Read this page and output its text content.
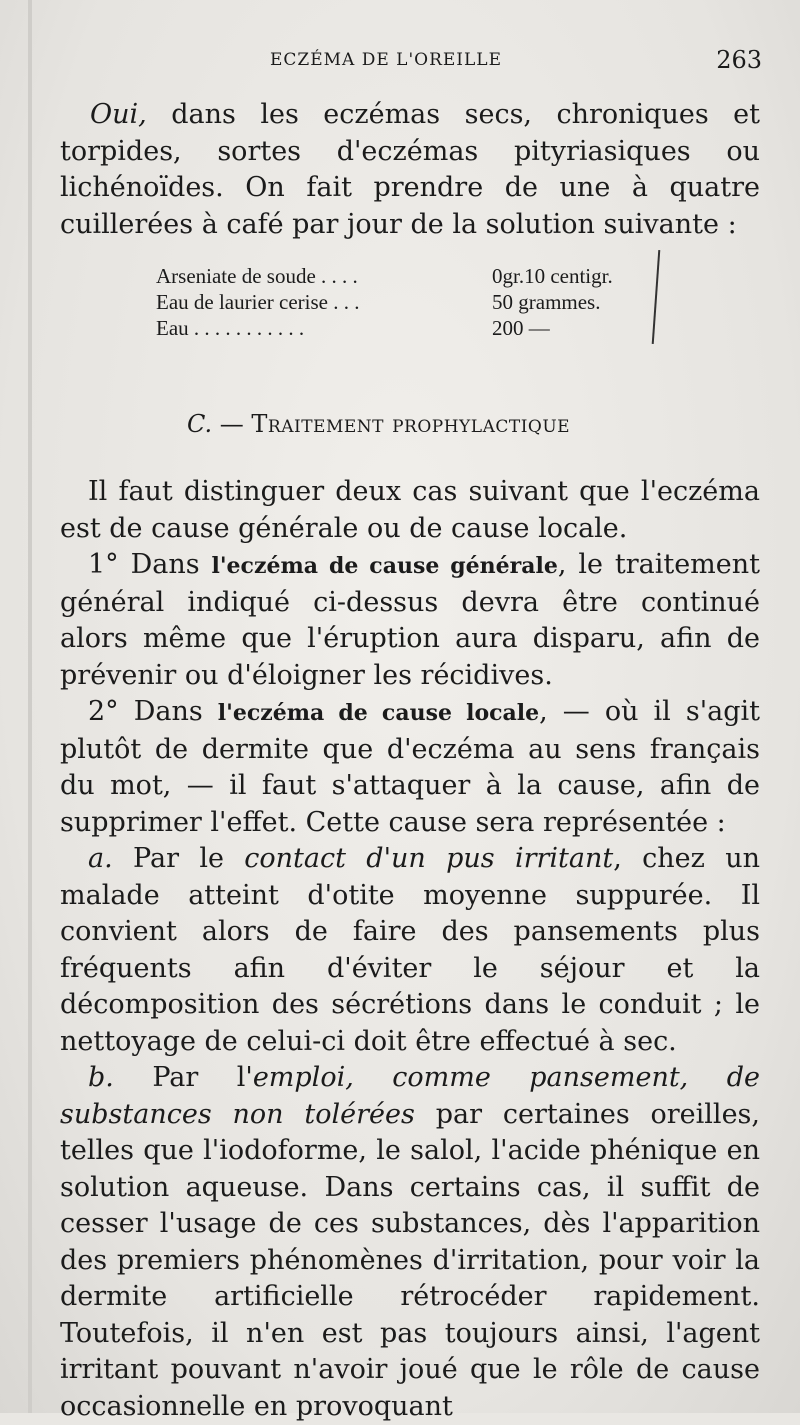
ECZÉMA DE L'OREILLE	263

Oui, dans les eczémas secs, chroniques et torpides, sortes d'eczémas pityriasiques ou lichénoïdes. On fait prendre de une à quatre cuillerées à café par jour de la solution suivante :

Arseniate de soude . . . .	0gr.10 centigr.
Eau de laurier cerise . . .	50 grammes.
Eau . . . . . . . . . . .	200 —
C. — Traitement prophylactique

Il faut distinguer deux cas suivant que l'eczéma est de cause générale ou de cause locale.

1° Dans l'eczéma de cause générale, le traitement général indiqué ci-dessus devra être continué alors même que l'éruption aura disparu, afin de prévenir ou d'éloigner les récidives.

2° Dans l'eczéma de cause locale, — où il s'agit plutôt de dermite que d'eczéma au sens français du mot, — il faut s'attaquer à la cause, afin de supprimer l'effet. Cette cause sera représentée :

a. Par le contact d'un pus irritant, chez un malade atteint d'otite moyenne suppurée. Il convient alors de faire des pansements plus fréquents afin d'éviter le séjour et la décomposition des sécrétions dans le conduit ; le nettoyage de celui-ci doit être effectué à sec.

b. Par l'emploi, comme pansement, de substances non tolérées par certaines oreilles, telles que l'iodoforme, le salol, l'acide phénique en solution aqueuse. Dans certains cas, il suffit de cesser l'usage de ces substances, dès l'apparition des premiers phénomènes d'irritation, pour voir la dermite artificielle rétrocéder rapidement. Toutefois, il n'en est pas toujours ainsi, l'agent irritant pouvant n'avoir joué que le rôle de cause occasionnelle en provoquant
